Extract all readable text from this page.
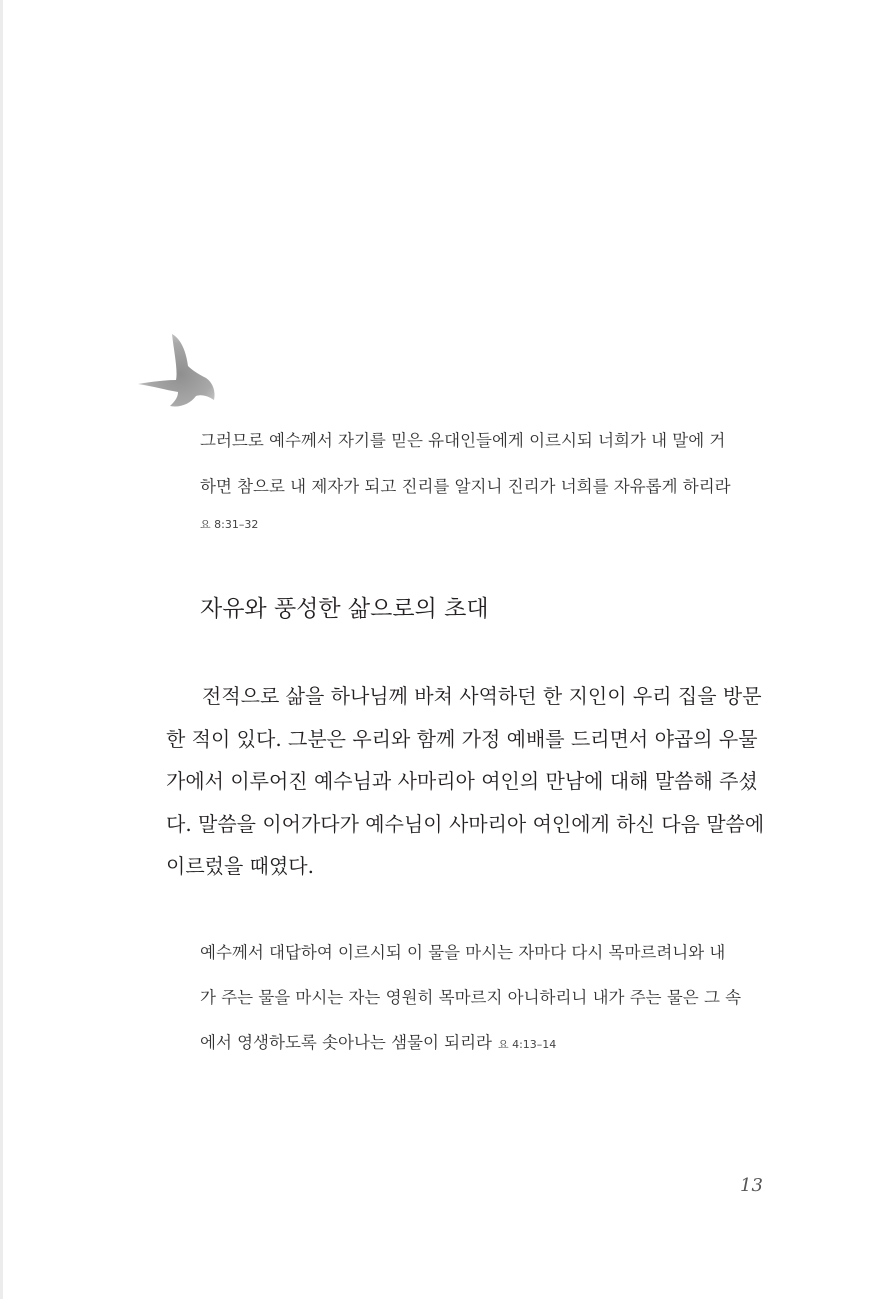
그러므로 예수께서 자기를 믿은 유대인들에게 이르시되 너희가 내 말에 거
하면 참으로 내 제자가 되고 진리를 알지니 진리가 너희를 자유롭게 하리라
요 8:31–32
자유와 풍성한 삶으로의 초대
전적으로 삶을 하나님께 바쳐 사역하던 한 지인이 우리 집을 방문
한 적이 있다. 그분은 우리와 함께 가정 예배를 드리면서 야곱의 우물
가에서 이루어진 예수님과 사마리아 여인의 만남에 대해 말씀해 주셨
다. 말씀을 이어가다가 예수님이 사마리아 여인에게 하신 다음 말씀에
이르렀을 때였다.
예수께서 대답하여 이르시되 이 물을 마시는 자마다 다시 목마르려니와 내
가 주는 물을 마시는 자는 영원히 목마르지 아니하리니 내가 주는 물은 그 속
에서 영생하도록 솟아나는 샘물이 되리라 요 4:13–14
13
